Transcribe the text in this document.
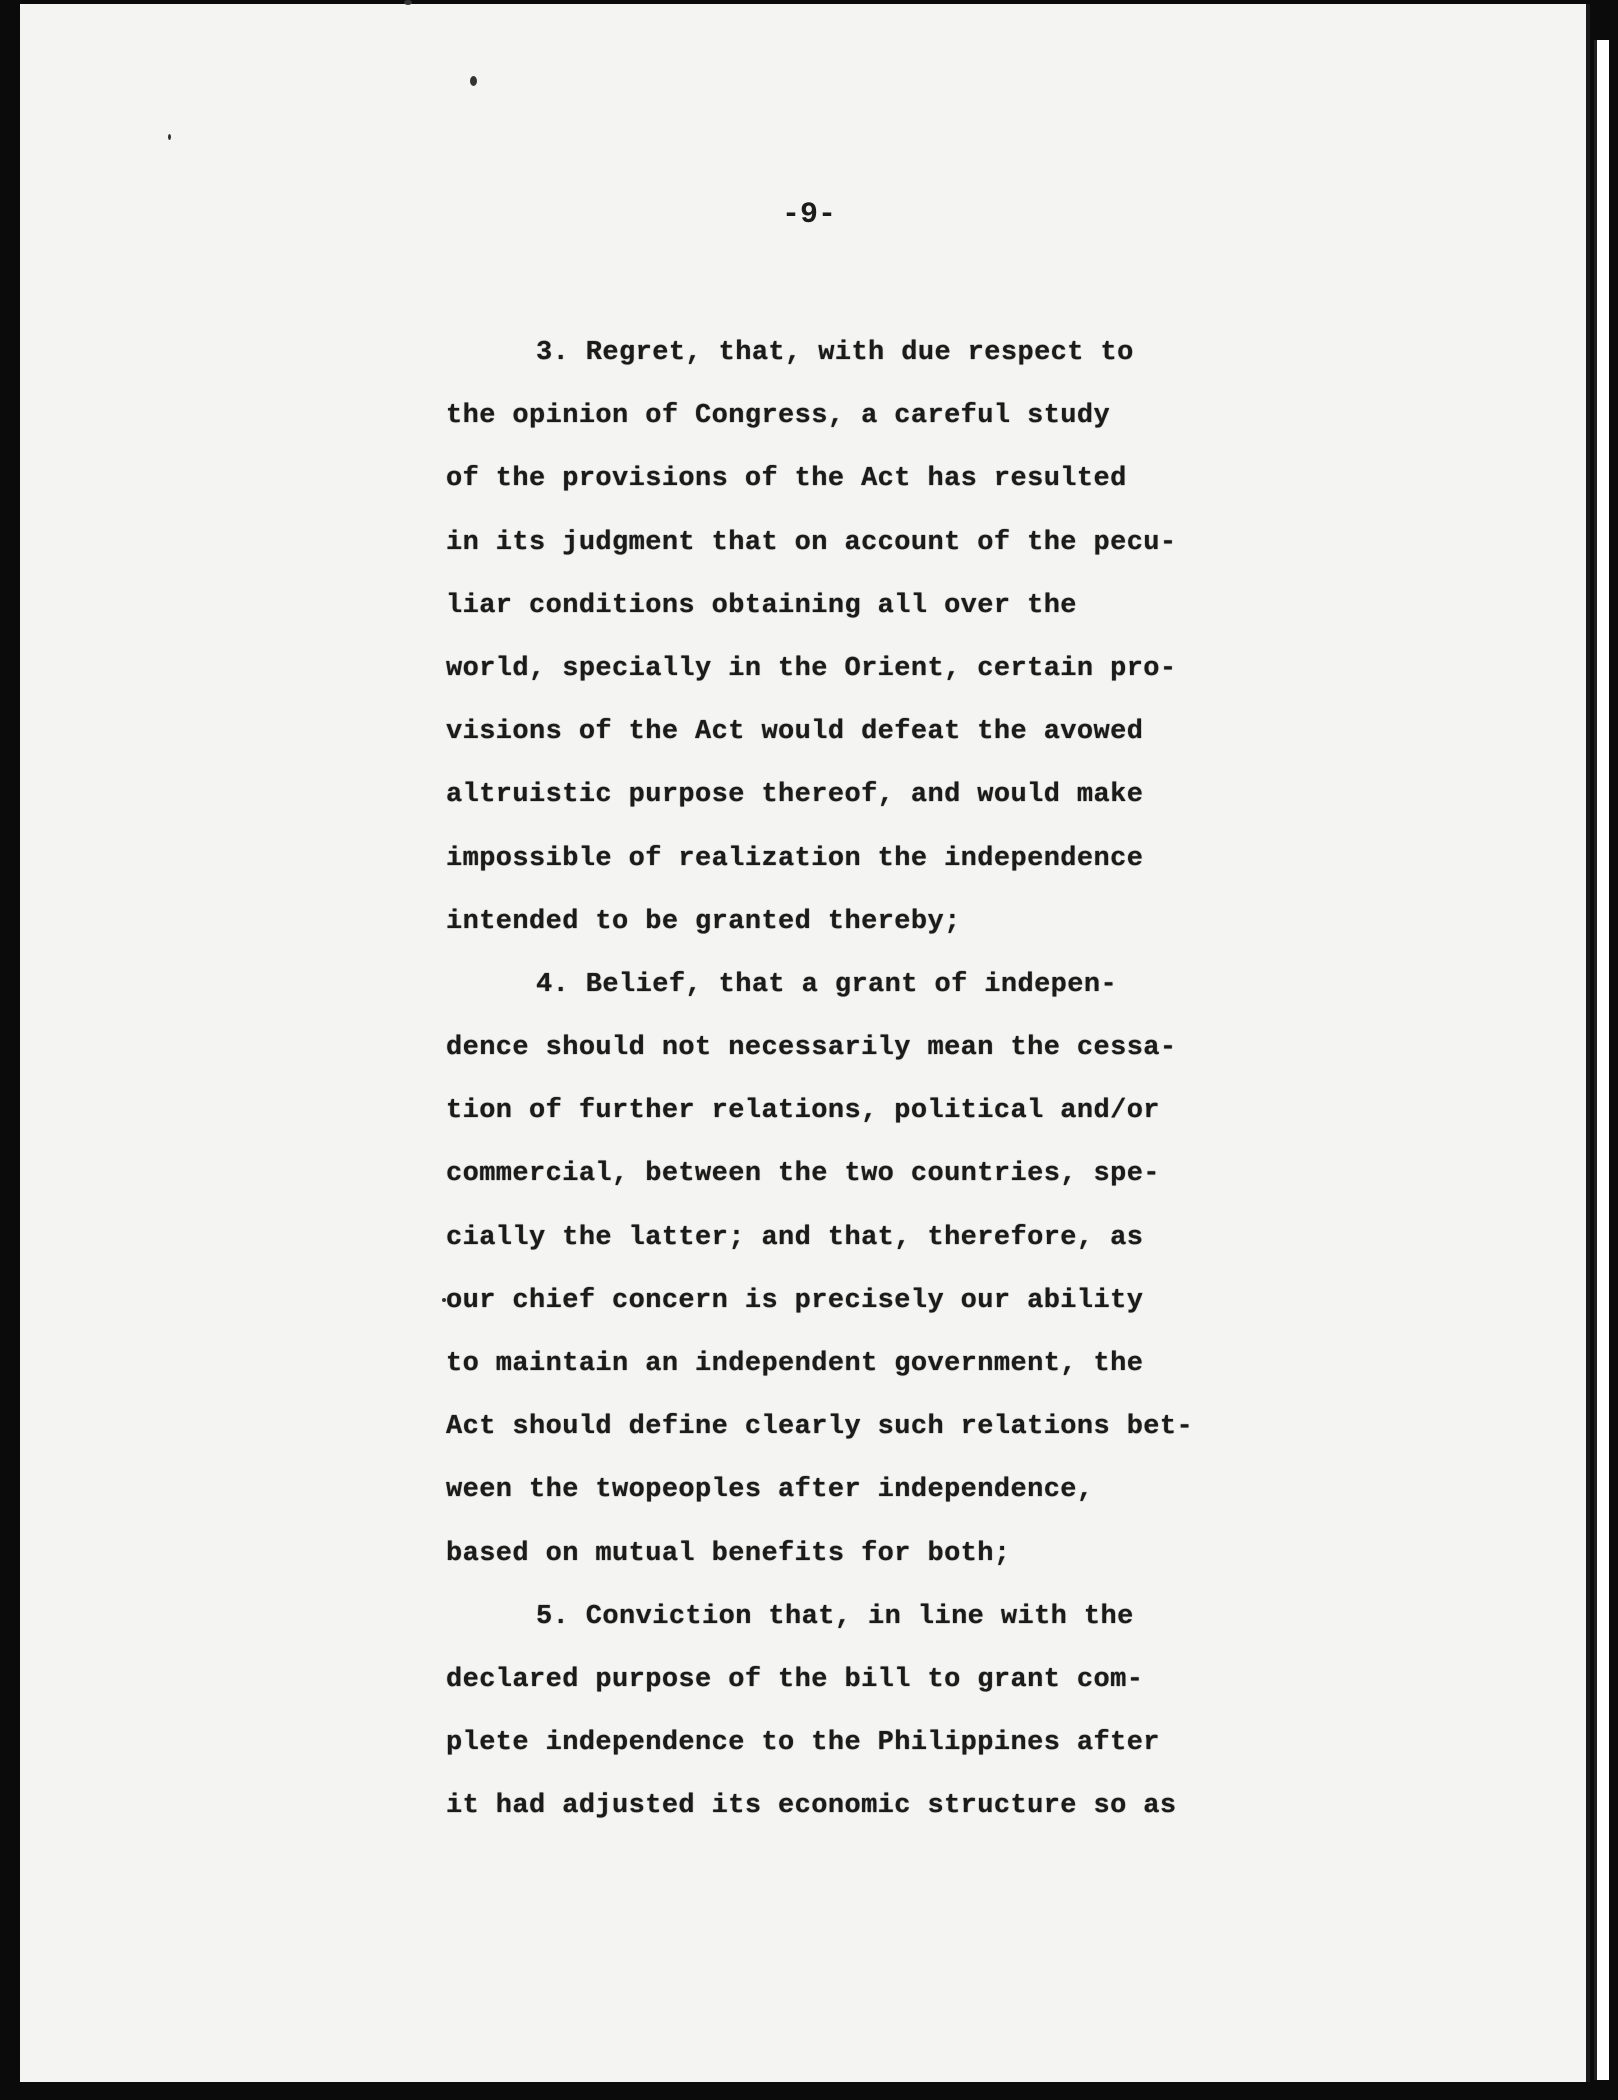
-9-
3. Regret, that, with due respect to
the opinion of Congress, a careful study
of the provisions of the Act has resulted
in its judgment that on account of the pecu-
liar conditions obtaining all over the
world, specially in the Orient, certain pro-
visions of the Act would defeat the avowed
altruistic purpose thereof, and would make
impossible of realization the independence
intended to be granted thereby;
4. Belief, that a grant of indepen-
dence should not necessarily mean the cessa-
tion of further relations, political and/or
commercial, between the two countries, spe-
cially the latter; and that, therefore, as
our chief concern is precisely our ability
to maintain an independent government, the
Act should define clearly such relations bet-
ween the twopeoples after independence,
based on mutual benefits for both;
5. Conviction that, in line with the
declared purpose of the bill to grant com-
plete independence to the Philippines after
it had adjusted its economic structure so as
